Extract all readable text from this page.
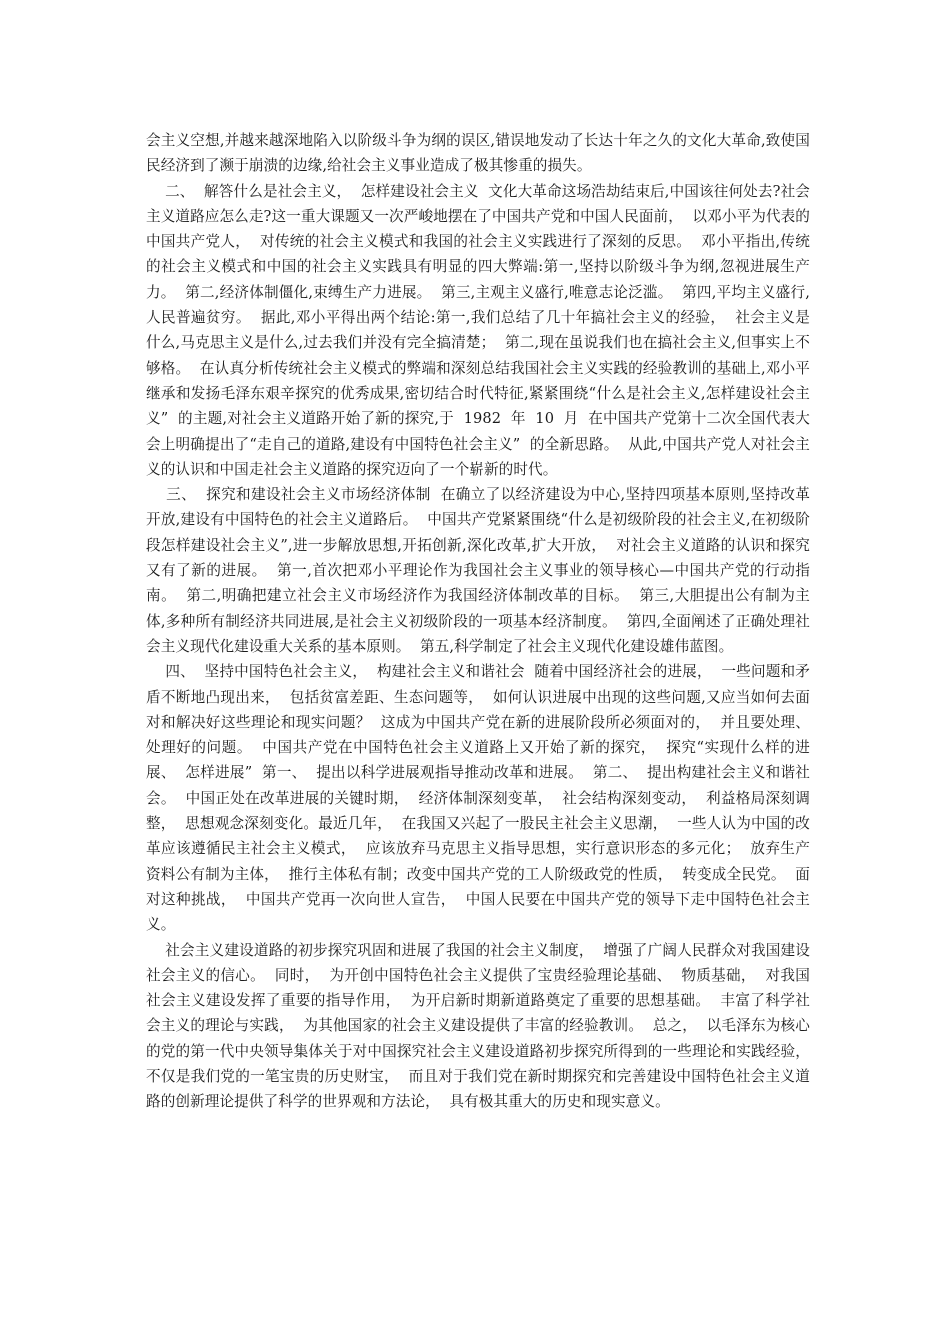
会主义空想,并越来越深地陷入以阶级斗争为纲的误区,错误地发动了长达十年之久的文化大革命,致使国民经济到了濒于崩溃的边缘,给社会主义事业造成了极其惨重的损失。

二、  解答什么是社会主义，  怎样建设社会主义  文化大革命这场浩劫结束后,中国该往何处去?社会主义道路应怎么走?这一重大课题又一次严峻地摆在了中国共产党和中国人民面前，  以邓小平为代表的中国共产党人，  对传统的社会主义模式和我国的社会主义实践进行了深刻的反思。  邓小平指出,传统的社会主义模式和中国的社会主义实践具有明显的四大弊端:第一,坚持以阶级斗争为纲,忽视进展生产力。  第二,经济体制僵化,束缚生产力进展。  第三,主观主义盛行,唯意志论泛滥。  第四,平均主义盛行,人民普遍贫穷。  据此,邓小平得出两个结论:第一,我们总结了几十年搞社会主义的经验，  社会主义是什么,马克思主义是什么,过去我们并没有完全搞清楚；  第二,现在虽说我们也在搞社会主义,但事实上不够格。  在认真分析传统社会主义模式的弊端和深刻总结我国社会主义实践的经验教训的基础上,邓小平继承和发扬毛泽东艰辛探究的优秀成果,密切结合时代特征,紧紧围绕“什么是社会主义,怎样建设社会主义”  的主题,对社会主义道路开始了新的探究,于  1982  年  10  月  在中国共产党第十二次全国代表大会上明确提出了“走自己的道路,建设有中国特色社会主义”  的全新思路。  从此,中国共产党人对社会主义的认识和中国走社会主义道路的探究迈向了一个崭新的时代。

三、  探究和建设社会主义市场经济体制  在确立了以经济建设为中心,坚持四项基本原则,坚持改革开放,建设有中国特色的社会主义道路后。  中国共产党紧紧围绕“什么是初级阶段的社会主义,在初级阶段怎样建设社会主义”,进一步解放思想,开拓创新,深化改革,扩大开放，  对社会主义道路的认识和探究又有了新的进展。  第一,首次把邓小平理论作为我国社会主义事业的领导核心—中国共产党的行动指南。  第二,明确把建立社会主义市场经济作为我国经济体制改革的目标。  第三,大胆提出公有制为主体,多种所有制经济共同进展,是社会主义初级阶段的一项基本经济制度。  第四,全面阐述了正确处理社会主义现代化建设重大关系的基本原则。  第五,科学制定了社会主义现代化建设雄伟蓝图。

四、  坚持中国特色社会主义，  构建社会主义和谐社会  随着中国经济社会的进展，  一些问题和矛盾不断地凸现出来，  包括贫富差距、生态问题等，  如何认识进展中出现的这些问题,又应当如何去面对和解决好这些理论和现实问题？  这成为中国共产党在新的进展阶段所必须面对的，  并且要处理、  处理好的问题。  中国共产党在中国特色社会主义道路上又开始了新的探究，  探究“实现什么样的进展、  怎样进展”  第一、  提出以科学进展观指导推动改革和进展。  第二、  提出构建社会主义和谐社会。  中国正处在改革进展的关键时期，  经济体制深刻变革，  社会结构深刻变动，  利益格局深刻调整，  思想观念深刻变化。最近几年，  在我国又兴起了一股民主社会主义思潮，  一些人认为中国的改革应该遵循民主社会主义模式，  应该放弃马克思主义指导思想，实行意识形态的多元化；  放弃生产资料公有制为主体，  推行主体私有制；改变中国共产党的工人阶级政党的性质，  转变成全民党。  面对这种挑战，  中国共产党再一次向世人宣告，  中国人民要在中国共产党的领导下走中国特色社会主义。

社会主义建设道路的初步探究巩固和进展了我国的社会主义制度，  增强了广阔人民群众对我国建设社会主义的信心。  同时，  为开创中国特色社会主义提供了宝贵经验理论基础、  物质基础，  对我国社会主义建设发挥了重要的指导作用，  为开启新时期新道路奠定了重要的思想基础。  丰富了科学社会主义的理论与实践，  为其他国家的社会主义建设提供了丰富的经验教训。  总之，  以毛泽东为核心的党的第一代中央领导集体关于对中国探究社会主义建设道路初步探究所得到的一些理论和实践经验，  不仅是我们党的一笔宝贵的历史财宝，  而且对于我们党在新时期探究和完善建设中国特色社会主义道路的创新理论提供了科学的世界观和方法论，  具有极其重大的历史和现实意义。
